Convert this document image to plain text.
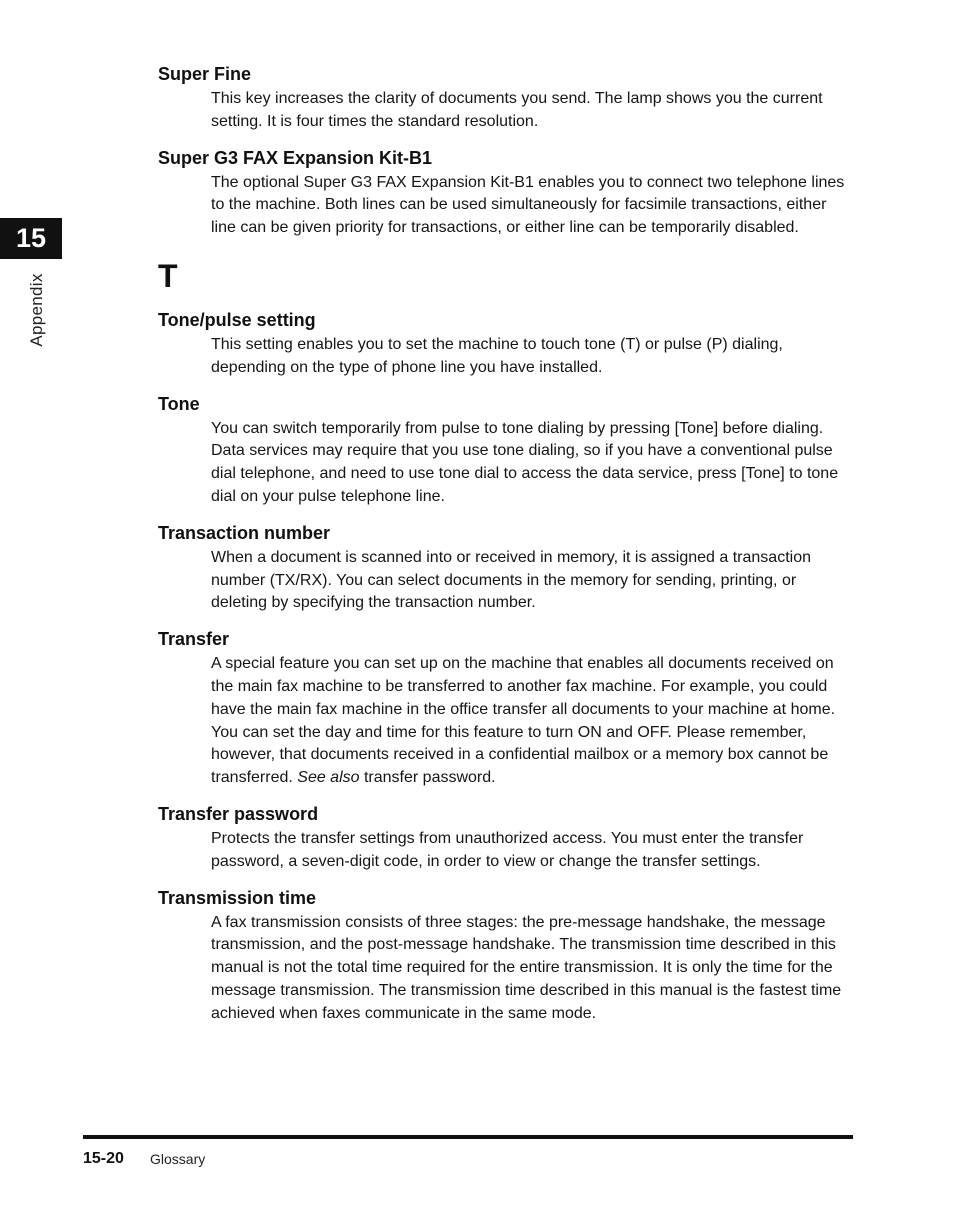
15
Appendix
Super Fine
This key increases the clarity of documents you send. The lamp shows you the current setting. It is four times the standard resolution.
Super G3 FAX Expansion Kit-B1
The optional Super G3 FAX Expansion Kit-B1 enables you to connect two telephone lines to the machine. Both lines can be used simultaneously for facsimile transactions, either line can be given priority for transactions, or either line can be temporarily disabled.
T
Tone/pulse setting
This setting enables you to set the machine to touch tone (T) or pulse (P) dialing, depending on the type of phone line you have installed.
Tone
You can switch temporarily from pulse to tone dialing by pressing [Tone] before dialing. Data services may require that you use tone dialing, so if you have a conventional pulse dial telephone, and need to use tone dial to access the data service, press [Tone] to tone dial on your pulse telephone line.
Transaction number
When a document is scanned into or received in memory, it is assigned a transaction number (TX/RX). You can select documents in the memory for sending, printing, or deleting by specifying the transaction number.
Transfer
A special feature you can set up on the machine that enables all documents received on the main fax machine to be transferred to another fax machine. For example, you could have the main fax machine in the office transfer all documents to your machine at home. You can set the day and time for this feature to turn ON and OFF. Please remember, however, that documents received in a confidential mailbox or a memory box cannot be transferred. See also transfer password.
Transfer password
Protects the transfer settings from unauthorized access. You must enter the transfer password, a seven-digit code, in order to view or change the transfer settings.
Transmission time
A fax transmission consists of three stages: the pre-message handshake, the message transmission, and the post-message handshake. The transmission time described in this manual is not the total time required for the entire transmission. It is only the time for the message transmission. The transmission time described in this manual is the fastest time achieved when faxes communicate in the same mode.
15-20 Glossary
